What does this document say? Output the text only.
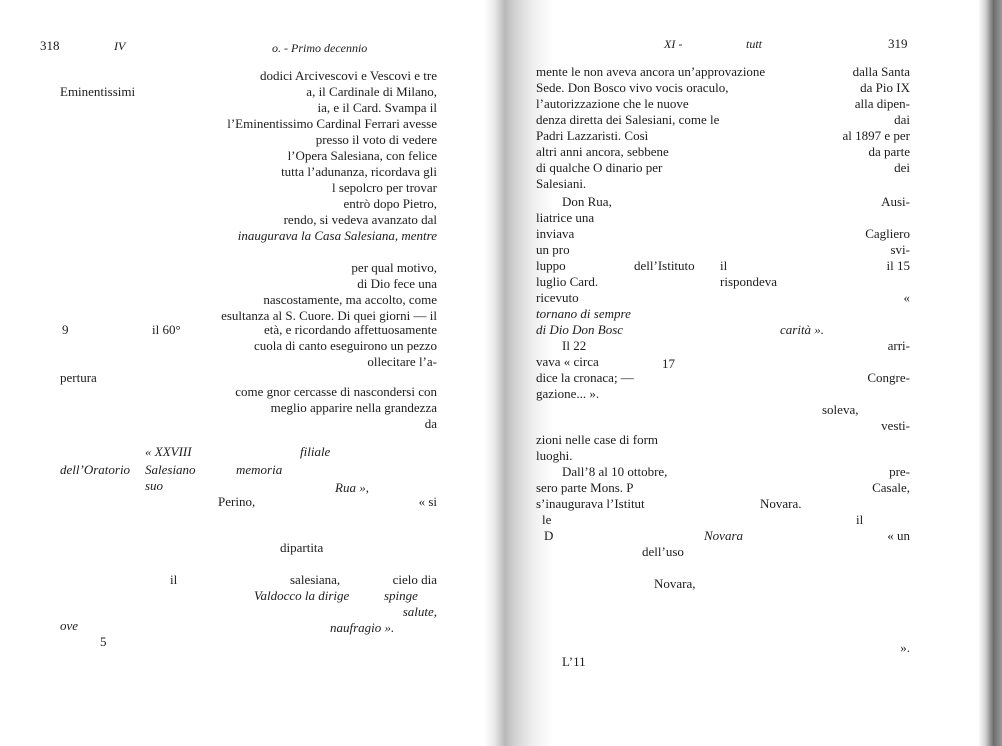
318	IV	o. - Primo decennio
dodici Arcivescovi e Vescovi e tre
Eminentissimi	a, il Cardinale di Milano,
ia, e il Card. Svampa il
l’Eminentissimo Cardinal Ferrari avesse
presso il voto di vedere
l’Opera Salesiana, con felice
tutta l’adunanza, ricordava gli
l sepolcro per trovar
entrò dopo Pietro,
rendo, si vedeva avanzato dal
inaugurava la Casa Salesiana, mentre
per qual motivo,
di Dio fece una
nascostamente, ma accolto, come
esultanza al S. Cuore. Di quei giorni — il
9	il 60°	età, e ricordando affettuosamente
cuola di canto eseguirono un pezzo
ollecitare l’a-
pertura
come gnor cercasse di nascondersi con
meglio apparire nella grandezza
da
« XXVIII	filiale
dell’Oratorio Salesiano	memoria
suo	Rua »,
Perino,	« si
dipartita
il	salesiana,	cielo dia
Valdocco la dirige	spinge
salute,
ove	naufragio ».
5
XI -	tutt	319
mente le non aveva ancora un’approvazione	dalla Santa
Sede. Don Bosco vivo vocis oraculo,	da Pio IX
l’autorizzazione che le nuove	alla dipen-
denza diretta dei Salesiani, come le	dai
Padri Lazzaristi. Così	al 1897 e per
altri anni ancora, sebbene	da parte
di qualche O dinario per	dei
Salesiani.
Don Rua,	Ausi-
liatrice una
inviava	Cagliero
un pro	svi-
luppo	dell’Istituto il	il 15
luglio Card.	rispondeva
ricevuto	«
tornano di sempre
di Dio Don Bosc	carità ».
Il 22	arri-
vava « circa	17
dice la cronaca; —	Congre-
gazione... ».
soleva,
vesti-
zioni nelle case di form
luoghi.
Dall’8 al 10 ottobre,	pre-
sero parte Mons. P	Casale,
s’inaugurava l’Istitut	Novara.
le	il
D	Novara	« un
dell’uso
Novara,
».
L’11
